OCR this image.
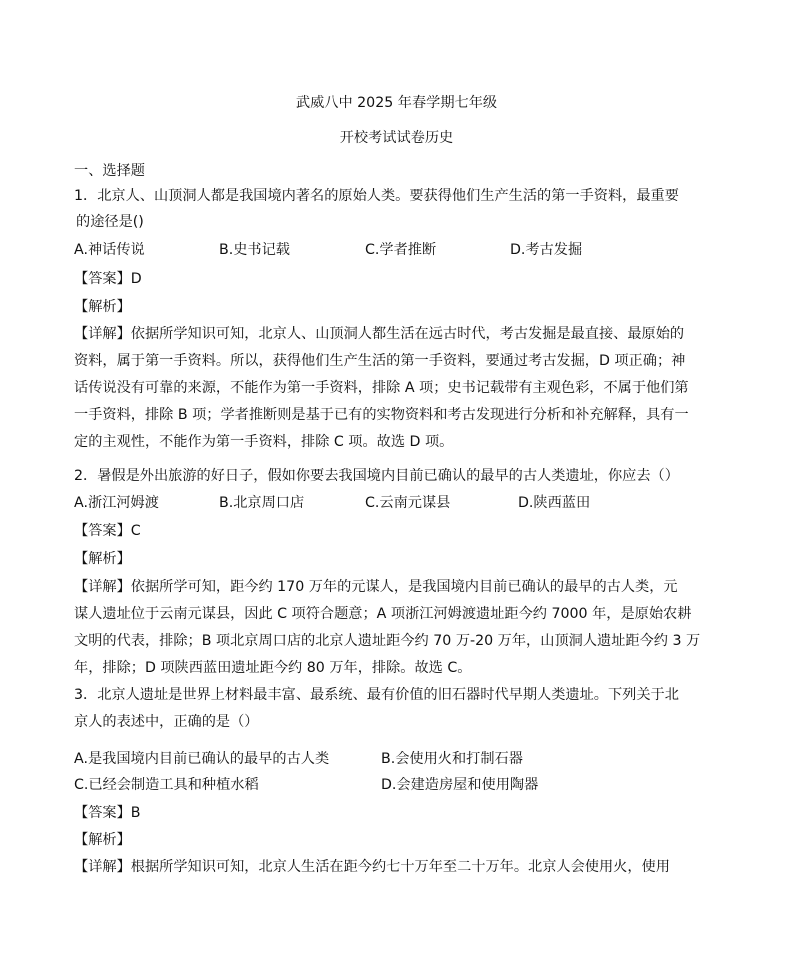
武威八中 2025 年春学期七年级
开校考试试卷历史
一、选择题
1．北京人、山顶洞人都是我国境内著名的原始人类。要获得他们生产生活的第一手资料，最重要
的途径是()
A.神话传说	B.史书记载	C.学者推断	D.考古发掘
【答案】D
【解析】
【详解】依据所学知识可知，北京人、山顶洞人都生活在远古时代，考古发掘是最直接、最原始的
资料，属于第一手资料。所以，获得他们生产生活的第一手资料，要通过考古发掘，D 项正确；神
话传说没有可靠的来源，不能作为第一手资料，排除 A 项；史书记载带有主观色彩，不属于他们第
一手资料，排除 B 项；学者推断则是基于已有的实物资料和考古发现进行分析和补充解释，具有一
定的主观性，不能作为第一手资料，排除 C 项。故选 D 项。
2．暑假是外出旅游的好日子，假如你要去我国境内目前已确认的最早的古人类遗址，你应去（）
A.浙江河姆渡	B.北京周口店	C.云南元谋县	D.陕西蓝田
【答案】C
【解析】
【详解】依据所学可知，距今约 170 万年的元谋人，是我国境内目前已确认的最早的古人类，元
谋人遗址位于云南元谋县，因此 C 项符合题意；A 项浙江河姆渡遗址距今约 7000 年，是原始农耕
文明的代表，排除；B 项北京周口店的北京人遗址距今约 70 万-20 万年，山顶洞人遗址距今约 3 万
年，排除；D 项陕西蓝田遗址距今约 80 万年，排除。故选 C。
3．北京人遗址是世界上材料最丰富、最系统、最有价值的旧石器时代早期人类遗址。下列关于北
京人的表述中，正确的是（）
A.是我国境内目前已确认的最早的古人类	B.会使用火和打制石器
C.已经会制造工具和种植水稻	D.会建造房屋和使用陶器
【答案】B
【解析】
【详解】根据所学知识可知，北京人生活在距今约七十万年至二十万年。北京人会使用火，使用
